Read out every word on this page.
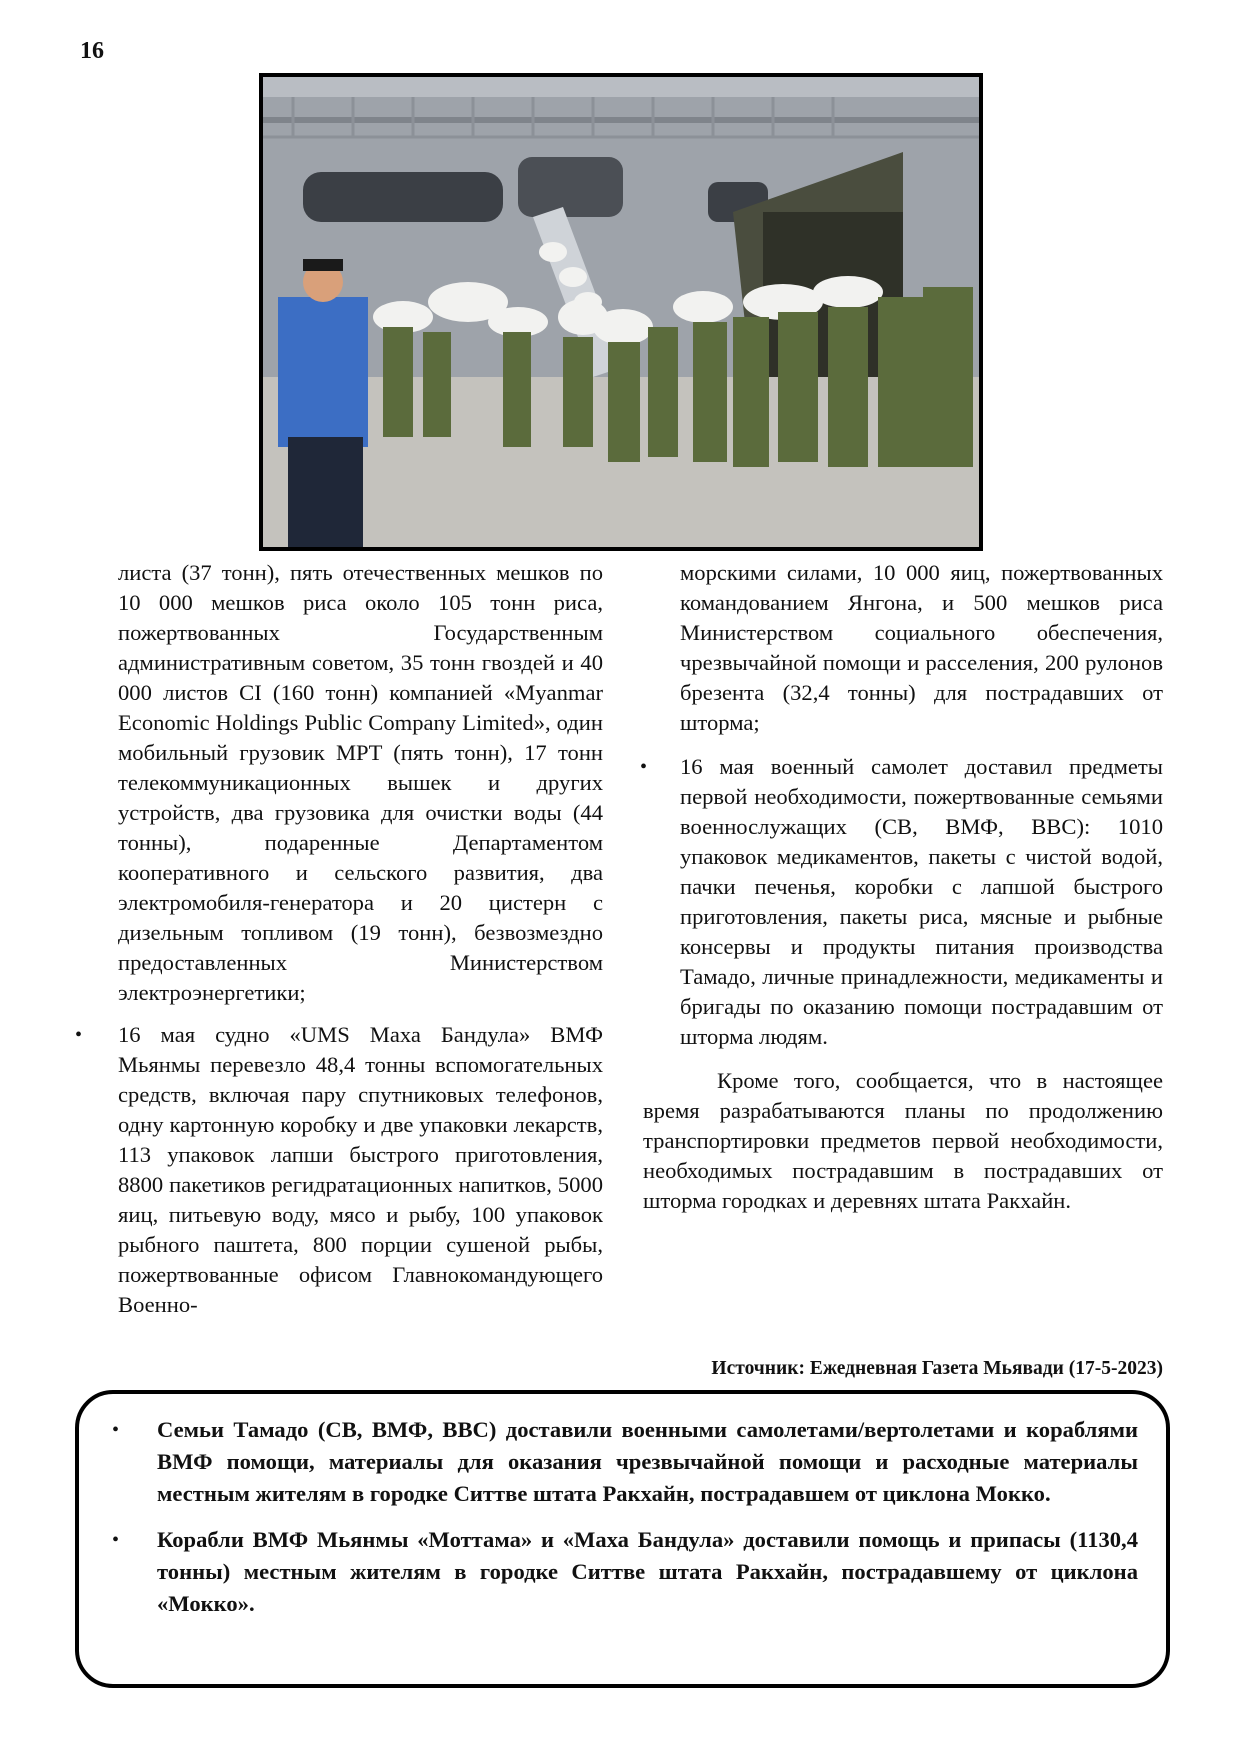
16

листа (37 тонн), пять отечественных мешков по 10 000 мешков риса около 105 тонн риса, пожертвованных Государственным административным советом, 35 тонн гвоздей и 40 000 листов CI (160 тонн) компанией «Myanmar Economic Holdings Public Company Limited», один мобильный грузовик MPT (пять тонн), 17 тонн телекоммуникационных вышек и других устройств, два грузовика для очистки воды (44 тонны), подаренные Департаментом кооперативного и сельского развития, два электромобиля-генератора и 20 цистерн с дизельным топливом (19 тонн), безвозмездно предоставленных Министерством электроэнергетики;

• 16 мая судно «UMS Маха Бандула» ВМФ Мьянмы перевезло 48,4 тонны вспомогательных средств, включая пару спутниковых телефонов, одну картонную коробку и две упаковки лекарств, 113 упаковок лапши быстрого приготовления, 8800 пакетиков регидратационных напитков, 5000 яиц, питьевую воду, мясо и рыбу, 100 упаковок рыбного паштета, 800 порции сушеной рыбы, пожертвованные офисом Главнокомандующего Военно-

морскими силами, 10 000 яиц, пожертвованных командованием Янгона, и 500 мешков риса Министерством социального обеспечения, чрезвычайной помощи и расселения, 200 рулонов брезента (32,4 тонны) для пострадавших от шторма;

• 16 мая военный самолет доставил предметы первой необходимости, пожертвованные семьями военнослужащих (СВ, ВМФ, ВВС): 1010 упаковок медикаментов, пакеты с чистой водой, пачки печенья, коробки с лапшой быстрого приготовления, пакеты риса, мясные и рыбные консервы и продукты питания производства Тамадо, личные принадлежности, медикаменты и бригады по оказанию помощи пострадавшим от шторма людям.

Кроме того, сообщается, что в настоящее время разрабатываются планы по продолжению транспортировки предметов первой необходимости, необходимых пострадавшим в пострадавших от шторма городках и деревнях штата Ракхайн.

Источник: Ежедневная Газета Мьявади (17-5-2023)
• Семьи Тамадо (СВ, ВМФ, ВВС) доставили военными самолетами/вертолетами и кораблями ВМФ помощи, материалы для оказания чрезвычайной помощи и расходные материалы местным жителям в городке Ситтве штата Ракхайн, пострадавшем от циклона Мокко.
• Корабли ВМФ Мьянмы «Моттама» и «Маха Бандула» доставили помощь и припасы (1130,4 тонны) местным жителям в городке Ситтве штата Ракхайн, пострадавшему от циклона «Мокко».
